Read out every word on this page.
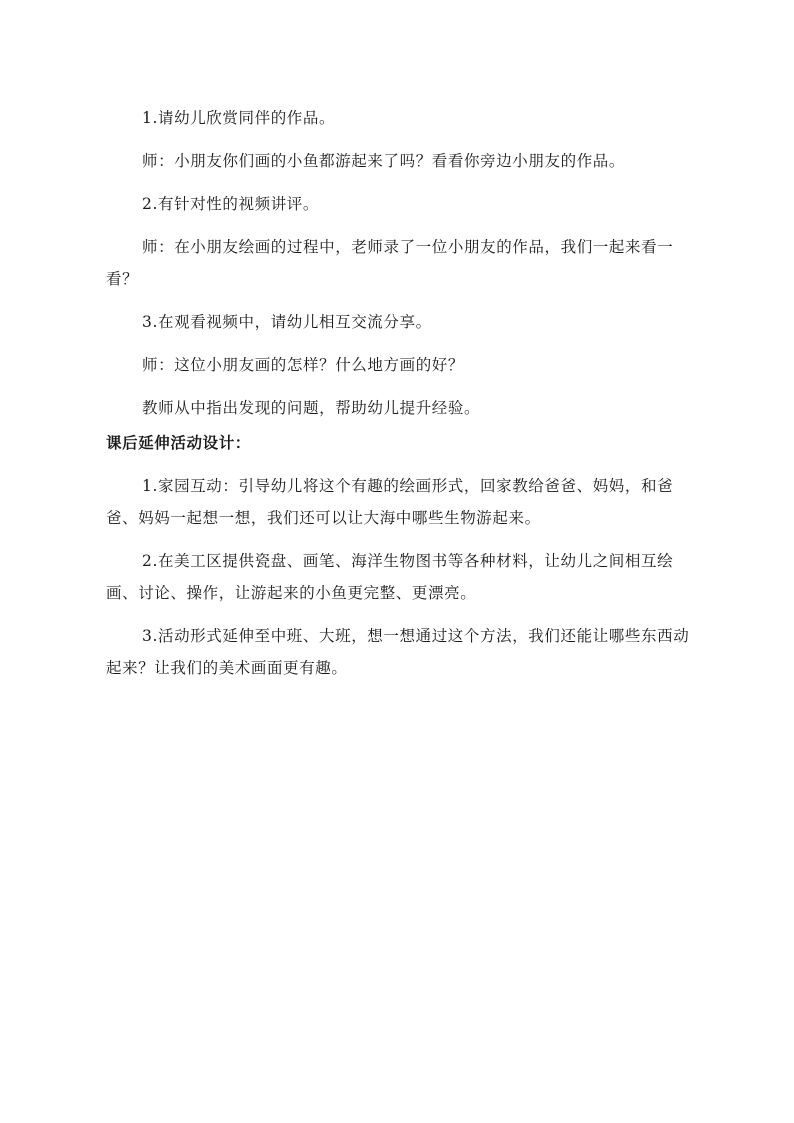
1.请幼儿欣赏同伴的作品。

师：小朋友你们画的小鱼都游起来了吗？看看你旁边小朋友的作品。

2.有针对性的视频讲评。

师：在小朋友绘画的过程中，老师录了一位小朋友的作品，我们一起来看一看？

3.在观看视频中，请幼儿相互交流分享。

师：这位小朋友画的怎样？什么地方画的好？

教师从中指出发现的问题，帮助幼儿提升经验。

课后延伸活动设计：

1.家园互动：引导幼儿将这个有趣的绘画形式，回家教给爸爸、妈妈，和爸爸、妈妈一起想一想，我们还可以让大海中哪些生物游起来。

2.在美工区提供瓷盘、画笔、海洋生物图书等各种材料，让幼儿之间相互绘画、讨论、操作，让游起来的小鱼更完整、更漂亮。

3.活动形式延伸至中班、大班，想一想通过这个方法，我们还能让哪些东西动起来？让我们的美术画面更有趣。
